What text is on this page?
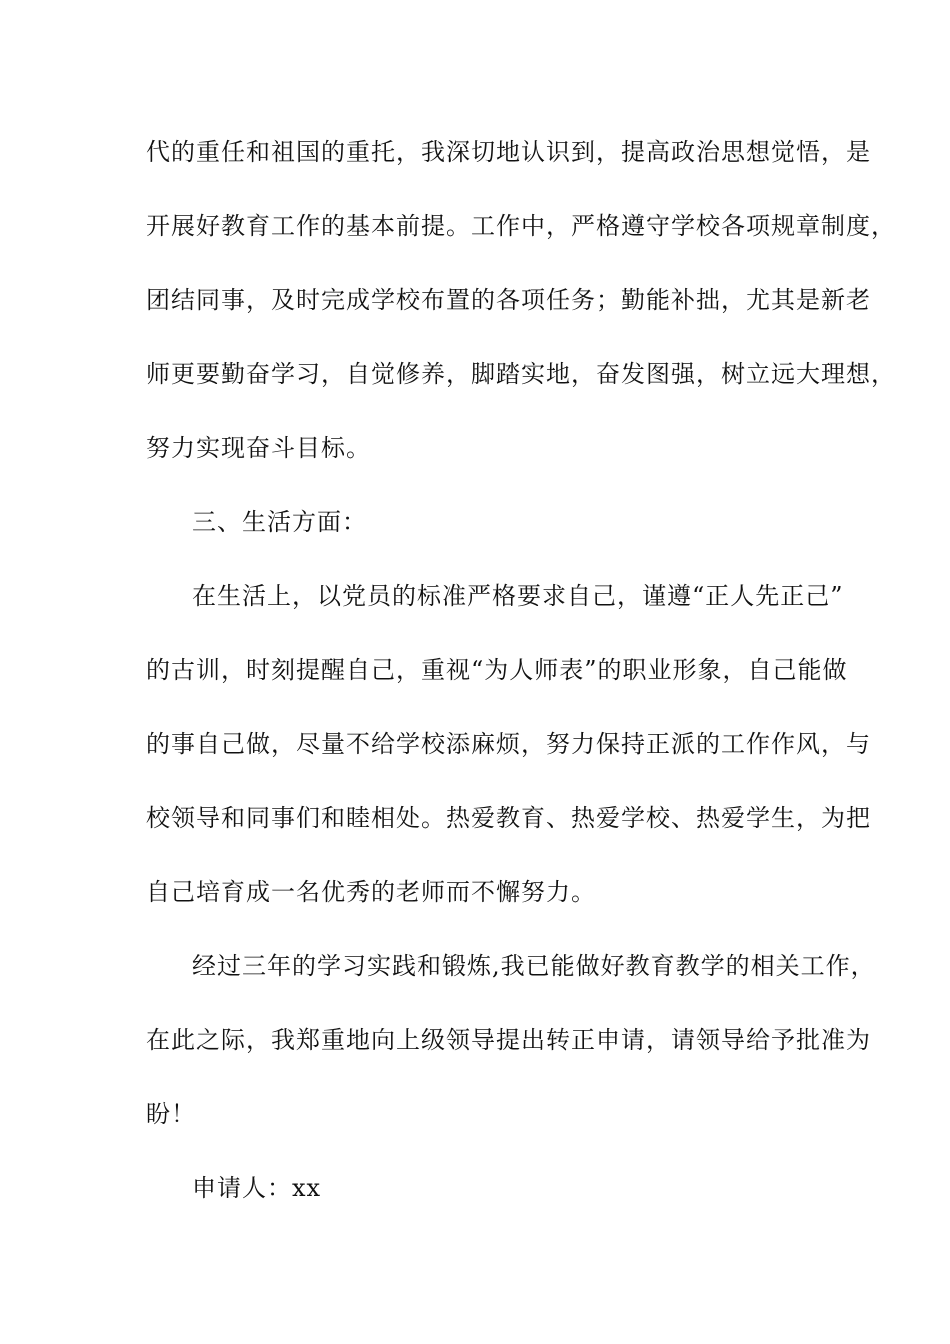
代的重任和祖国的重托，我深切地认识到，提高政治思想觉悟，是
开展好教育工作的基本前提。工作中，严格遵守学校各项规章制度，
团结同事，及时完成学校布置的各项任务；勤能补拙，尤其是新老
师更要勤奋学习，自觉修养，脚踏实地，奋发图强，树立远大理想，
努力实现奋斗目标。
三、生活方面：
在生活上，以党员的标准严格要求自己，谨遵“正人先正己”
的古训，时刻提醒自己，重视“为人师表”的职业形象，自己能做
的事自己做，尽量不给学校添麻烦，努力保持正派的工作作风，与
校领导和同事们和睦相处。热爱教育、热爱学校、热爱学生，为把
自己培育成一名优秀的老师而不懈努力。
经过三年的学习实践和锻炼,我已能做好教育教学的相关工作，
在此之际，我郑重地向上级领导提出转正申请，请领导给予批准为
盼！
申请人：xx
